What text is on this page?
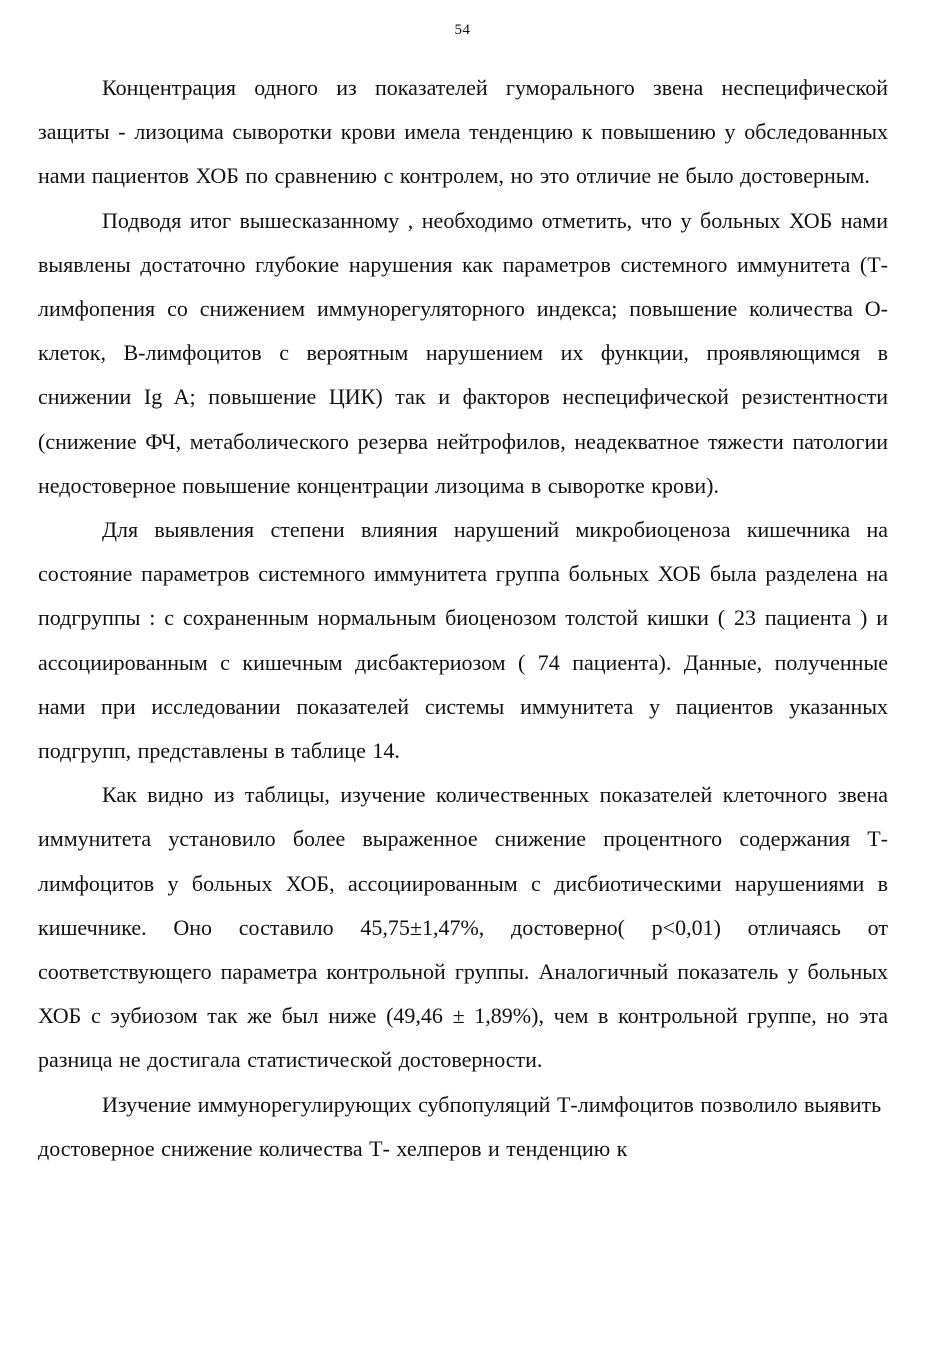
54

Концентрация одного из показателей гуморального звена неспецифической защиты - лизоцима сыворотки крови имела тенденцию к повышению у обследованных нами пациентов ХОБ по сравнению с контролем, но это отличие не было достоверным.

Подводя итог вышесказанному , необходимо отметить, что у больных ХОБ нами выявлены достаточно глубокие нарушения как параметров системного иммунитета (Т-лимфопения со снижением иммунорегуляторного индекса; повышение количества О-клеток, В-лимфоцитов с вероятным нарушением их функции, проявляющимся в снижении Ig A; повышение ЦИК) так и факторов неспецифической резистентности (снижение ФЧ, метаболического резерва нейтрофилов, неадекватное тяжести патологии недостоверное повышение концентрации лизоцима в сыворотке крови).

Для выявления степени влияния нарушений микробиоценоза кишечника на состояние параметров системного иммунитета группа больных ХОБ была разделена на подгруппы : с сохраненным нормальным биоценозом толстой кишки ( 23 пациента ) и ассоциированным с кишечным дисбактериозом ( 74 пациента). Данные, полученные нами при исследовании показателей системы иммунитета у пациентов указанных подгрупп, представлены в таблице 14.

Как видно из таблицы, изучение количественных показателей клеточного звена иммунитета установило более выраженное снижение процентного содержания Т-лимфоцитов у больных ХОБ, ассоциированным с дисбиотическими нарушениями в кишечнике. Оно составило 45,75±1,47%, достоверно( p<0,01) отличаясь от соответствующего параметра контрольной группы. Аналогичный показатель у больных ХОБ с эубиозом так же был ниже (49,46 ± 1,89%), чем в контрольной группе, но эта разница не достигала статистической достоверности.

Изучение иммунорегулирующих субпопуляций Т-лимфоцитов позволило выявить достоверное снижение количества Т- хелперов и тенденцию к
